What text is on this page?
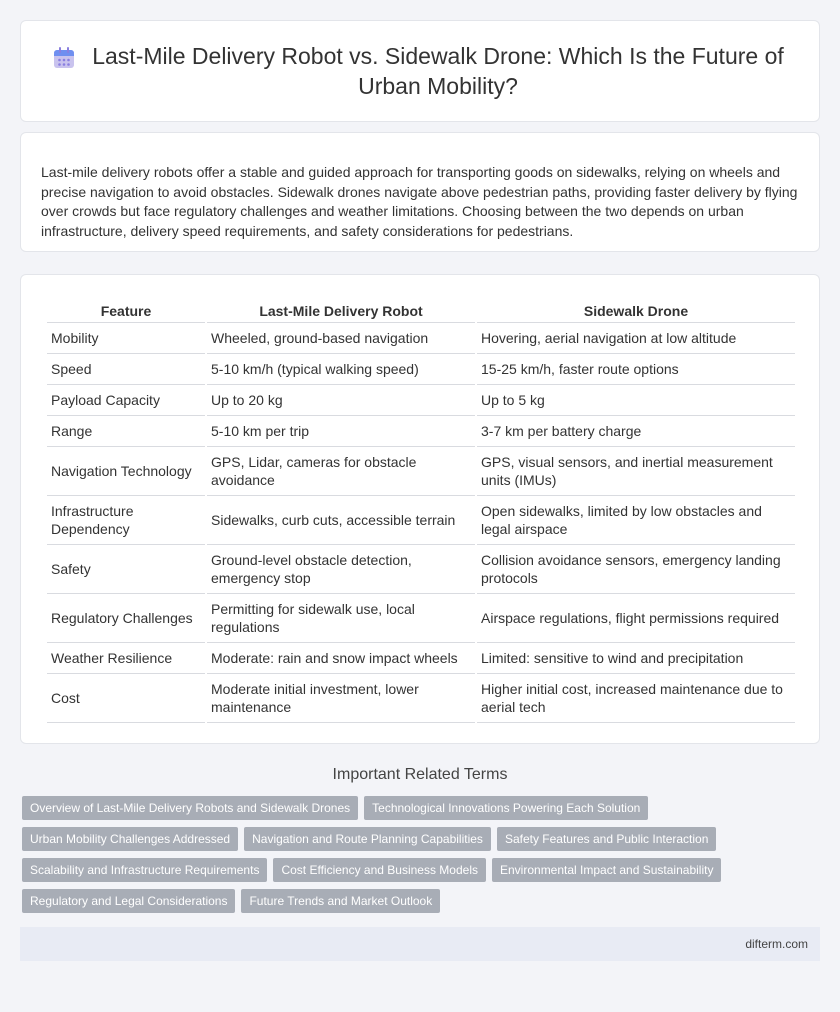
Last-Mile Delivery Robot vs. Sidewalk Drone: Which Is the Future of Urban Mobility?
Last-mile delivery robots offer a stable and guided approach for transporting goods on sidewalks, relying on wheels and precise navigation to avoid obstacles. Sidewalk drones navigate above pedestrian paths, providing faster delivery by flying over crowds but face regulatory challenges and weather limitations. Choosing between the two depends on urban infrastructure, delivery speed requirements, and safety considerations for pedestrians.
Feature	Last-Mile Delivery Robot	Sidewalk Drone
Mobility	Wheeled, ground-based navigation	Hovering, aerial navigation at low altitude
Speed	5-10 km/h (typical walking speed)	15-25 km/h, faster route options
Payload Capacity	Up to 20 kg	Up to 5 kg
Range	5-10 km per trip	3-7 km per battery charge
Navigation Technology	GPS, Lidar, cameras for obstacle avoidance	GPS, visual sensors, and inertial measurement units (IMUs)
Infrastructure Dependency	Sidewalks, curb cuts, accessible terrain	Open sidewalks, limited by low obstacles and legal airspace
Safety	Ground-level obstacle detection, emergency stop	Collision avoidance sensors, emergency landing protocols
Regulatory Challenges	Permitting for sidewalk use, local regulations	Airspace regulations, flight permissions required
Weather Resilience	Moderate: rain and snow impact wheels	Limited: sensitive to wind and precipitation
Cost	Moderate initial investment, lower maintenance	Higher initial cost, increased maintenance due to aerial tech
Important Related Terms
Overview of Last-Mile Delivery Robots and Sidewalk Drones	Technological Innovations Powering Each Solution
Urban Mobility Challenges Addressed	Navigation and Route Planning Capabilities	Safety Features and Public Interaction
Scalability and Infrastructure Requirements	Cost Efficiency and Business Models	Environmental Impact and Sustainability
Regulatory and Legal Considerations	Future Trends and Market Outlook
difterm.com
